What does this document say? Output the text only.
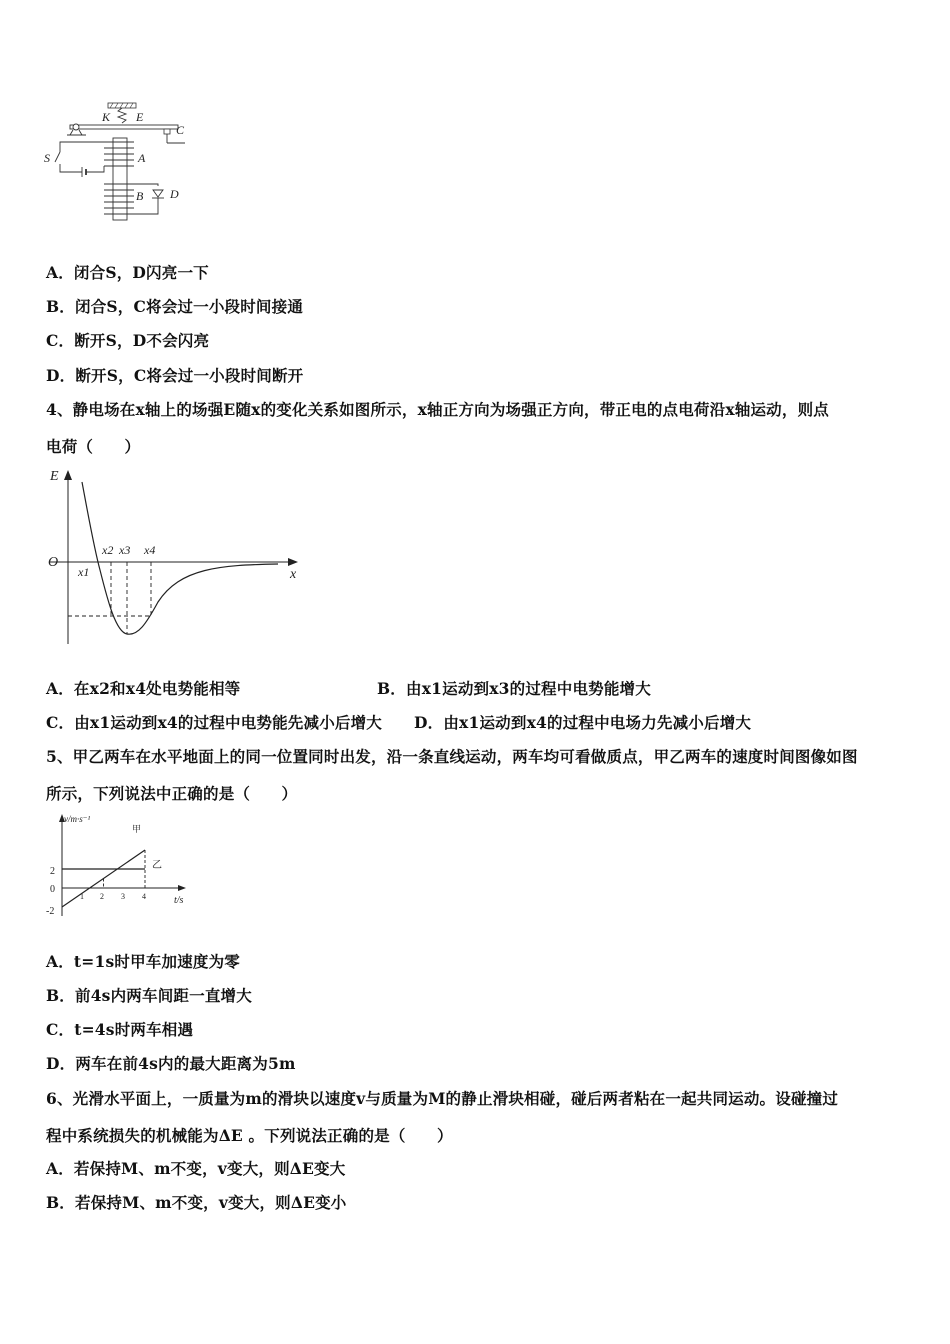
K E
C
S	A
B D
A．闭合S，D闪亮一下
B．闭合S，C将会过一小段时间接通
C．断开S，D不会闪亮
D．断开S，C将会过一小段时间断开
4、静电场在x轴上的场强E随x的变化关系如图所示，x轴正方向为场强正方向，带正电的点电荷沿x轴运动，则点
电荷（　　）
E
O
x
x1
x2 x3 x4
A．在x2和x4处电势能相等	B．由x1运动到x3的过程中电势能增大
C．由x1运动到x4的过程中电势能先减小后增大 D．由x1运动到x4的过程中电场力先减小后增大
5、甲乙两车在水平地面上的同一位置同时出发，沿一条直线运动，两车均可看做质点，甲乙两车的速度时间图像如图
所示，下列说法中正确的是（　　）
v/m·s⁻¹
t/s
1 2 3 4
2
0
-2
甲
乙
A．t=1s时甲车加速度为零
B．前4s内两车间距一直增大
C．t=4s时两车相遇
D．两车在前4s内的最大距离为5m
6、光滑水平面上，一质量为m的滑块以速度v与质量为M的静止滑块相碰，碰后两者粘在一起共同运动。设碰撞过
程中系统损失的机械能为ΔE 。下列说法正确的是（　　）
A．若保持M、m不变，v变大，则ΔE变大
B．若保持M、m不变，v变大，则ΔE变小
